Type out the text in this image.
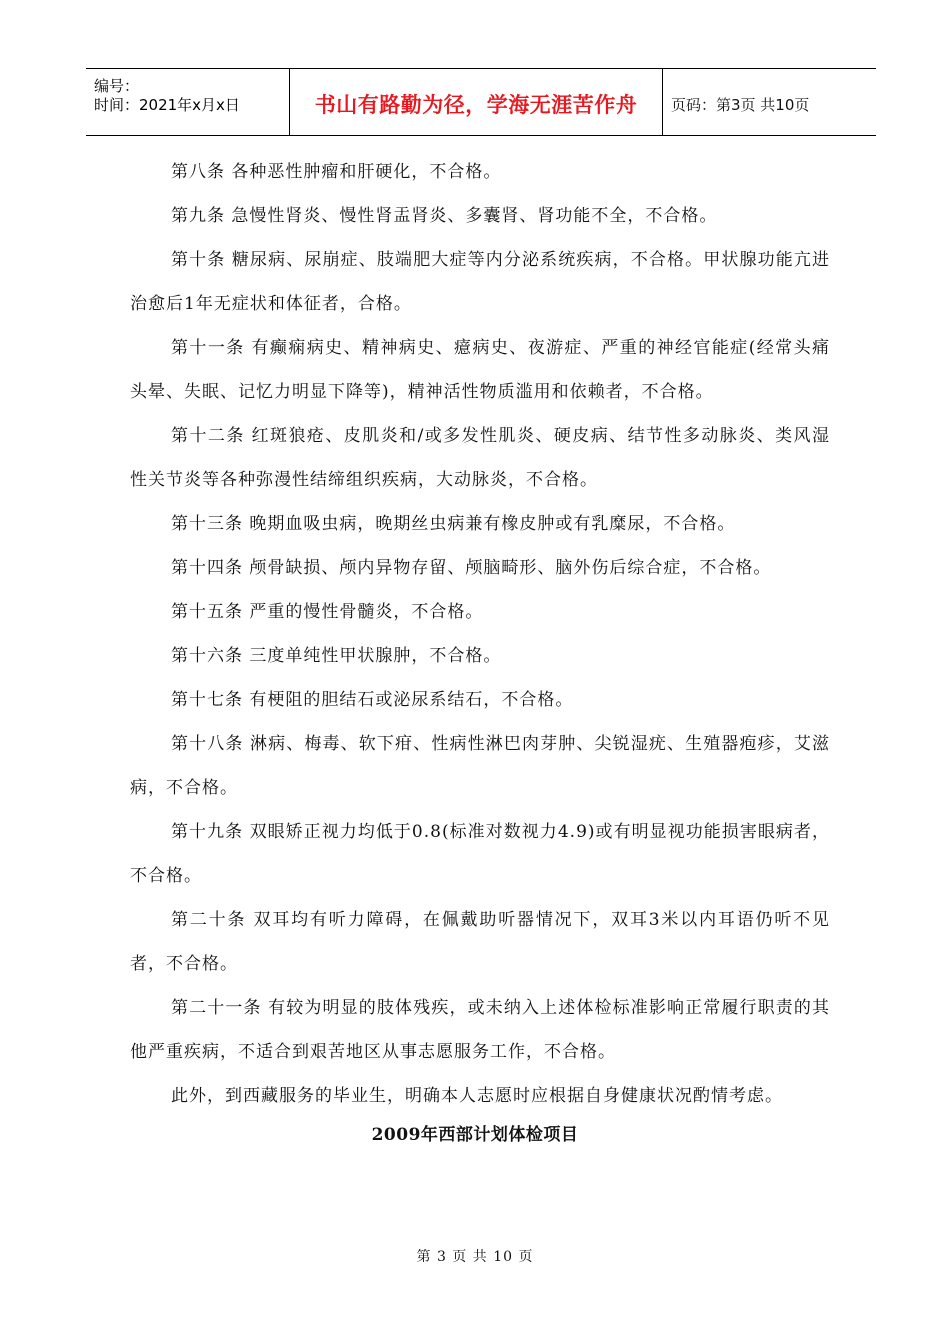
编号：
时间：2021年x月x日	书山有路勤为径，学海无涯苦作舟	页码：第3页 共10页

第八条 各种恶性肿瘤和肝硬化，不合格。

第九条 急慢性肾炎、慢性肾盂肾炎、多囊肾、肾功能不全，不合格。

第十条 糖尿病、尿崩症、肢端肥大症等内分泌系统疾病，不合格。甲状腺功能亢进治愈后1年无症状和体征者，合格。

第十一条 有癫痫病史、精神病史、癔病史、夜游症、严重的神经官能症(经常头痛头晕、失眠、记忆力明显下降等)，精神活性物质滥用和依赖者，不合格。

第十二条 红斑狼疮、皮肌炎和/或多发性肌炎、硬皮病、结节性多动脉炎、类风湿性关节炎等各种弥漫性结缔组织疾病，大动脉炎，不合格。

第十三条 晚期血吸虫病，晚期丝虫病兼有橡皮肿或有乳糜尿，不合格。

第十四条 颅骨缺损、颅内异物存留、颅脑畸形、脑外伤后综合症，不合格。

第十五条 严重的慢性骨髓炎，不合格。

第十六条 三度单纯性甲状腺肿，不合格。

第十七条 有梗阻的胆结石或泌尿系结石，不合格。

第十八条 淋病、梅毒、软下疳、性病性淋巴肉芽肿、尖锐湿疣、生殖器疱疹，艾滋病，不合格。

第十九条 双眼矫正视力均低于0.8(标准对数视力4.9)或有明显视功能损害眼病者，不合格。

第二十条 双耳均有听力障碍，在佩戴助听器情况下，双耳3米以内耳语仍听不见者，不合格。

第二十一条 有较为明显的肢体残疾，或未纳入上述体检标准影响正常履行职责的其他严重疾病，不适合到艰苦地区从事志愿服务工作，不合格。

此外，到西藏服务的毕业生，明确本人志愿时应根据自身健康状况酌情考虑。

2009年西部计划体检项目
第 3 页 共 10 页
